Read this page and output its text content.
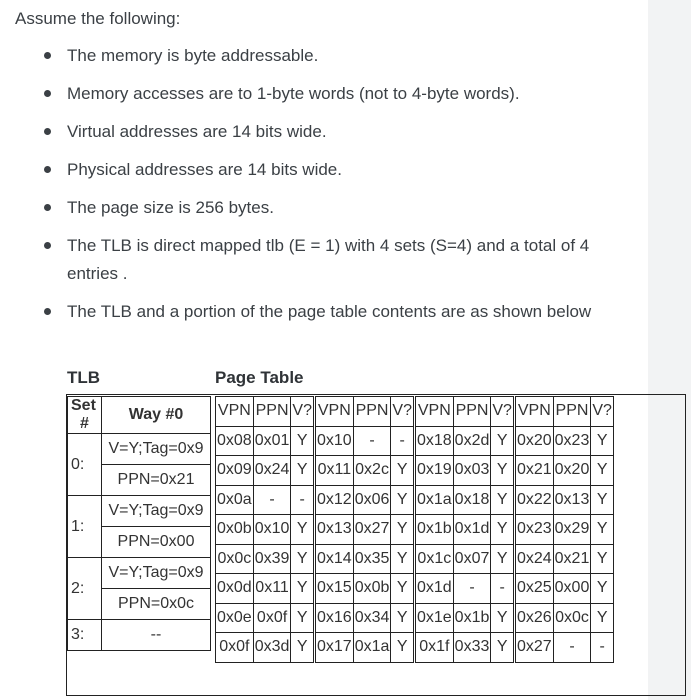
Assume the following:
The memory is byte addressable.
Memory accesses are to 1-byte words (not to 4-byte words).
Virtual addresses are 14 bits wide.
Physical addresses are 14 bits wide.
The page size is 256 bytes.
The TLB is direct mapped tlb (E = 1) with 4 sets (S=4) and a total of 4 entries .
The TLB and a portion of the page table contents are as shown below
TLB	Page Table
Set
#	Way #0

0:	V=Y;Tag=0x9
	PPN=0x21
1:	V=Y;Tag=0x9
	PPN=0x00
2:	V=Y;Tag=0x9
	PPN=0x0c
3:	--
VPN	PPN	V?	VPN	PPN	V?	VPN	PPN	V?	VPN	PPN	V?
0x08	0x01	Y	0x10	-	-	0x18	0x2d	Y	0x20	0x23	Y
0x09	0x24	Y	0x11	0x2c	Y	0x19	0x03	Y	0x21	0x20	Y
0x0a	-	-	0x12	0x06	Y	0x1a	0x18	Y	0x22	0x13	Y
0x0b	0x10	Y	0x13	0x27	Y	0x1b	0x1d	Y	0x23	0x29	Y
0x0c	0x39	Y	0x14	0x35	Y	0x1c	0x07	Y	0x24	0x21	Y
0x0d	0x11	Y	0x15	0x0b	Y	0x1d	-	-	0x25	0x00	Y
0x0e	0x0f	Y	0x16	0x34	Y	0x1e	0x1b	Y	0x26	0x0c	Y
0x0f	0x3d	Y	0x17	0x1a	Y	0x1f	0x33	Y	0x27	-	-
